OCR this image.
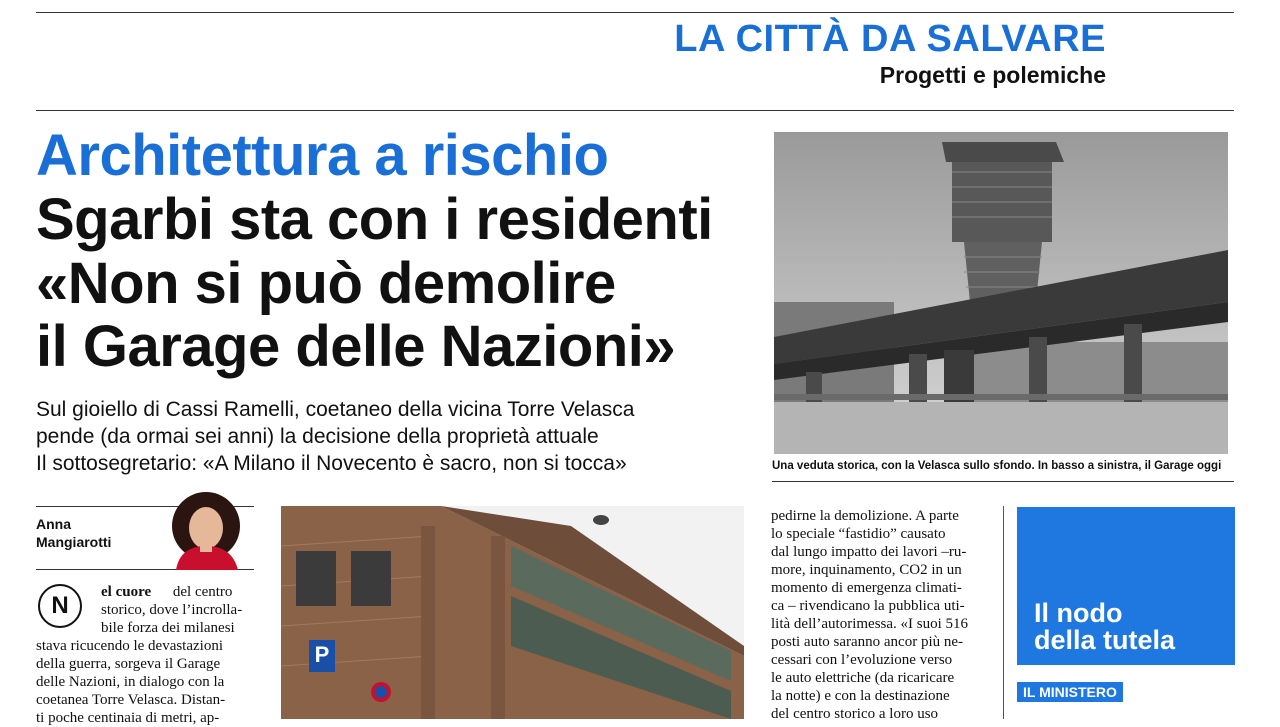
LA CITTÀ DA SALVARE
Progetti e polemiche
Architettura a rischio
Sgarbi sta con i residenti
«Non si può demolire
il Garage delle Nazioni»
Sul gioiello di Cassi Ramelli, coetaneo della vicina Torre Velasca
pende (da ormai sei anni) la decisione della proprietà attuale
Il sottosegretario: «A Milano il Novecento è sacro, non si tocca»
Anna
Mangiarotti
N	el cuore del centro
storico, dove l’incrolla-
bile forza dei milanesi
stava ricucendo le devastazioni
della guerra, sorgeva il Garage
delle Nazioni, in dialogo con la
coetanea Torre Velasca. Distan-
ti poche centinaia di metri, ap-
P
Una veduta storica, con la Velasca sullo sfondo. In basso a sinistra, il Garage oggi
pedirne la demolizione. A parte
lo speciale “fastidio” causato
dal lungo impatto dei lavori –ru-
more, inquinamento, CO2 in un
momento di emergenza climati-
ca – rivendicano la pubblica uti-
lità dell’autorimessa. «I suoi 516
posti auto saranno ancor più ne-
cessari con l’evoluzione verso
le auto elettriche (da ricaricare
la notte) e con la destinazione
del centro storico a loro uso
Il nodo
della tutela
IL MINISTERO
